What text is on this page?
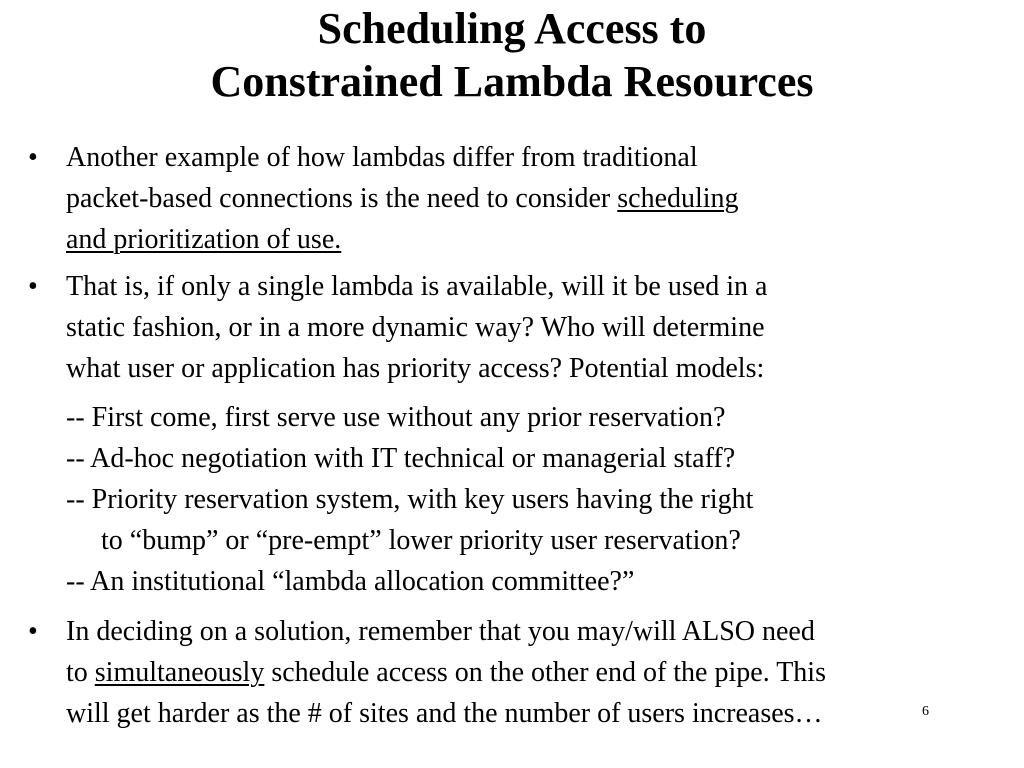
Scheduling Access to
Constrained Lambda Resources
• Another example of how lambdas differ from traditional
packet-based connections is the need to consider scheduling
and prioritization of use.
• That is, if only a single lambda is available, will it be used in a
static fashion, or in a more dynamic way? Who will determine
what user or application has priority access? Potential models:
-- First come, first serve use without any prior reservation?
-- Ad-hoc negotiation with IT technical or managerial staff?
-- Priority reservation system, with key users having the right
to “bump” or “pre-empt” lower priority user reservation?
-- An institutional “lambda allocation committee?”
• In deciding on a solution, remember that you may/will ALSO need
to simultaneously schedule access on the other end of the pipe. This
will get harder as the # of sites and the number of users increases…	6
